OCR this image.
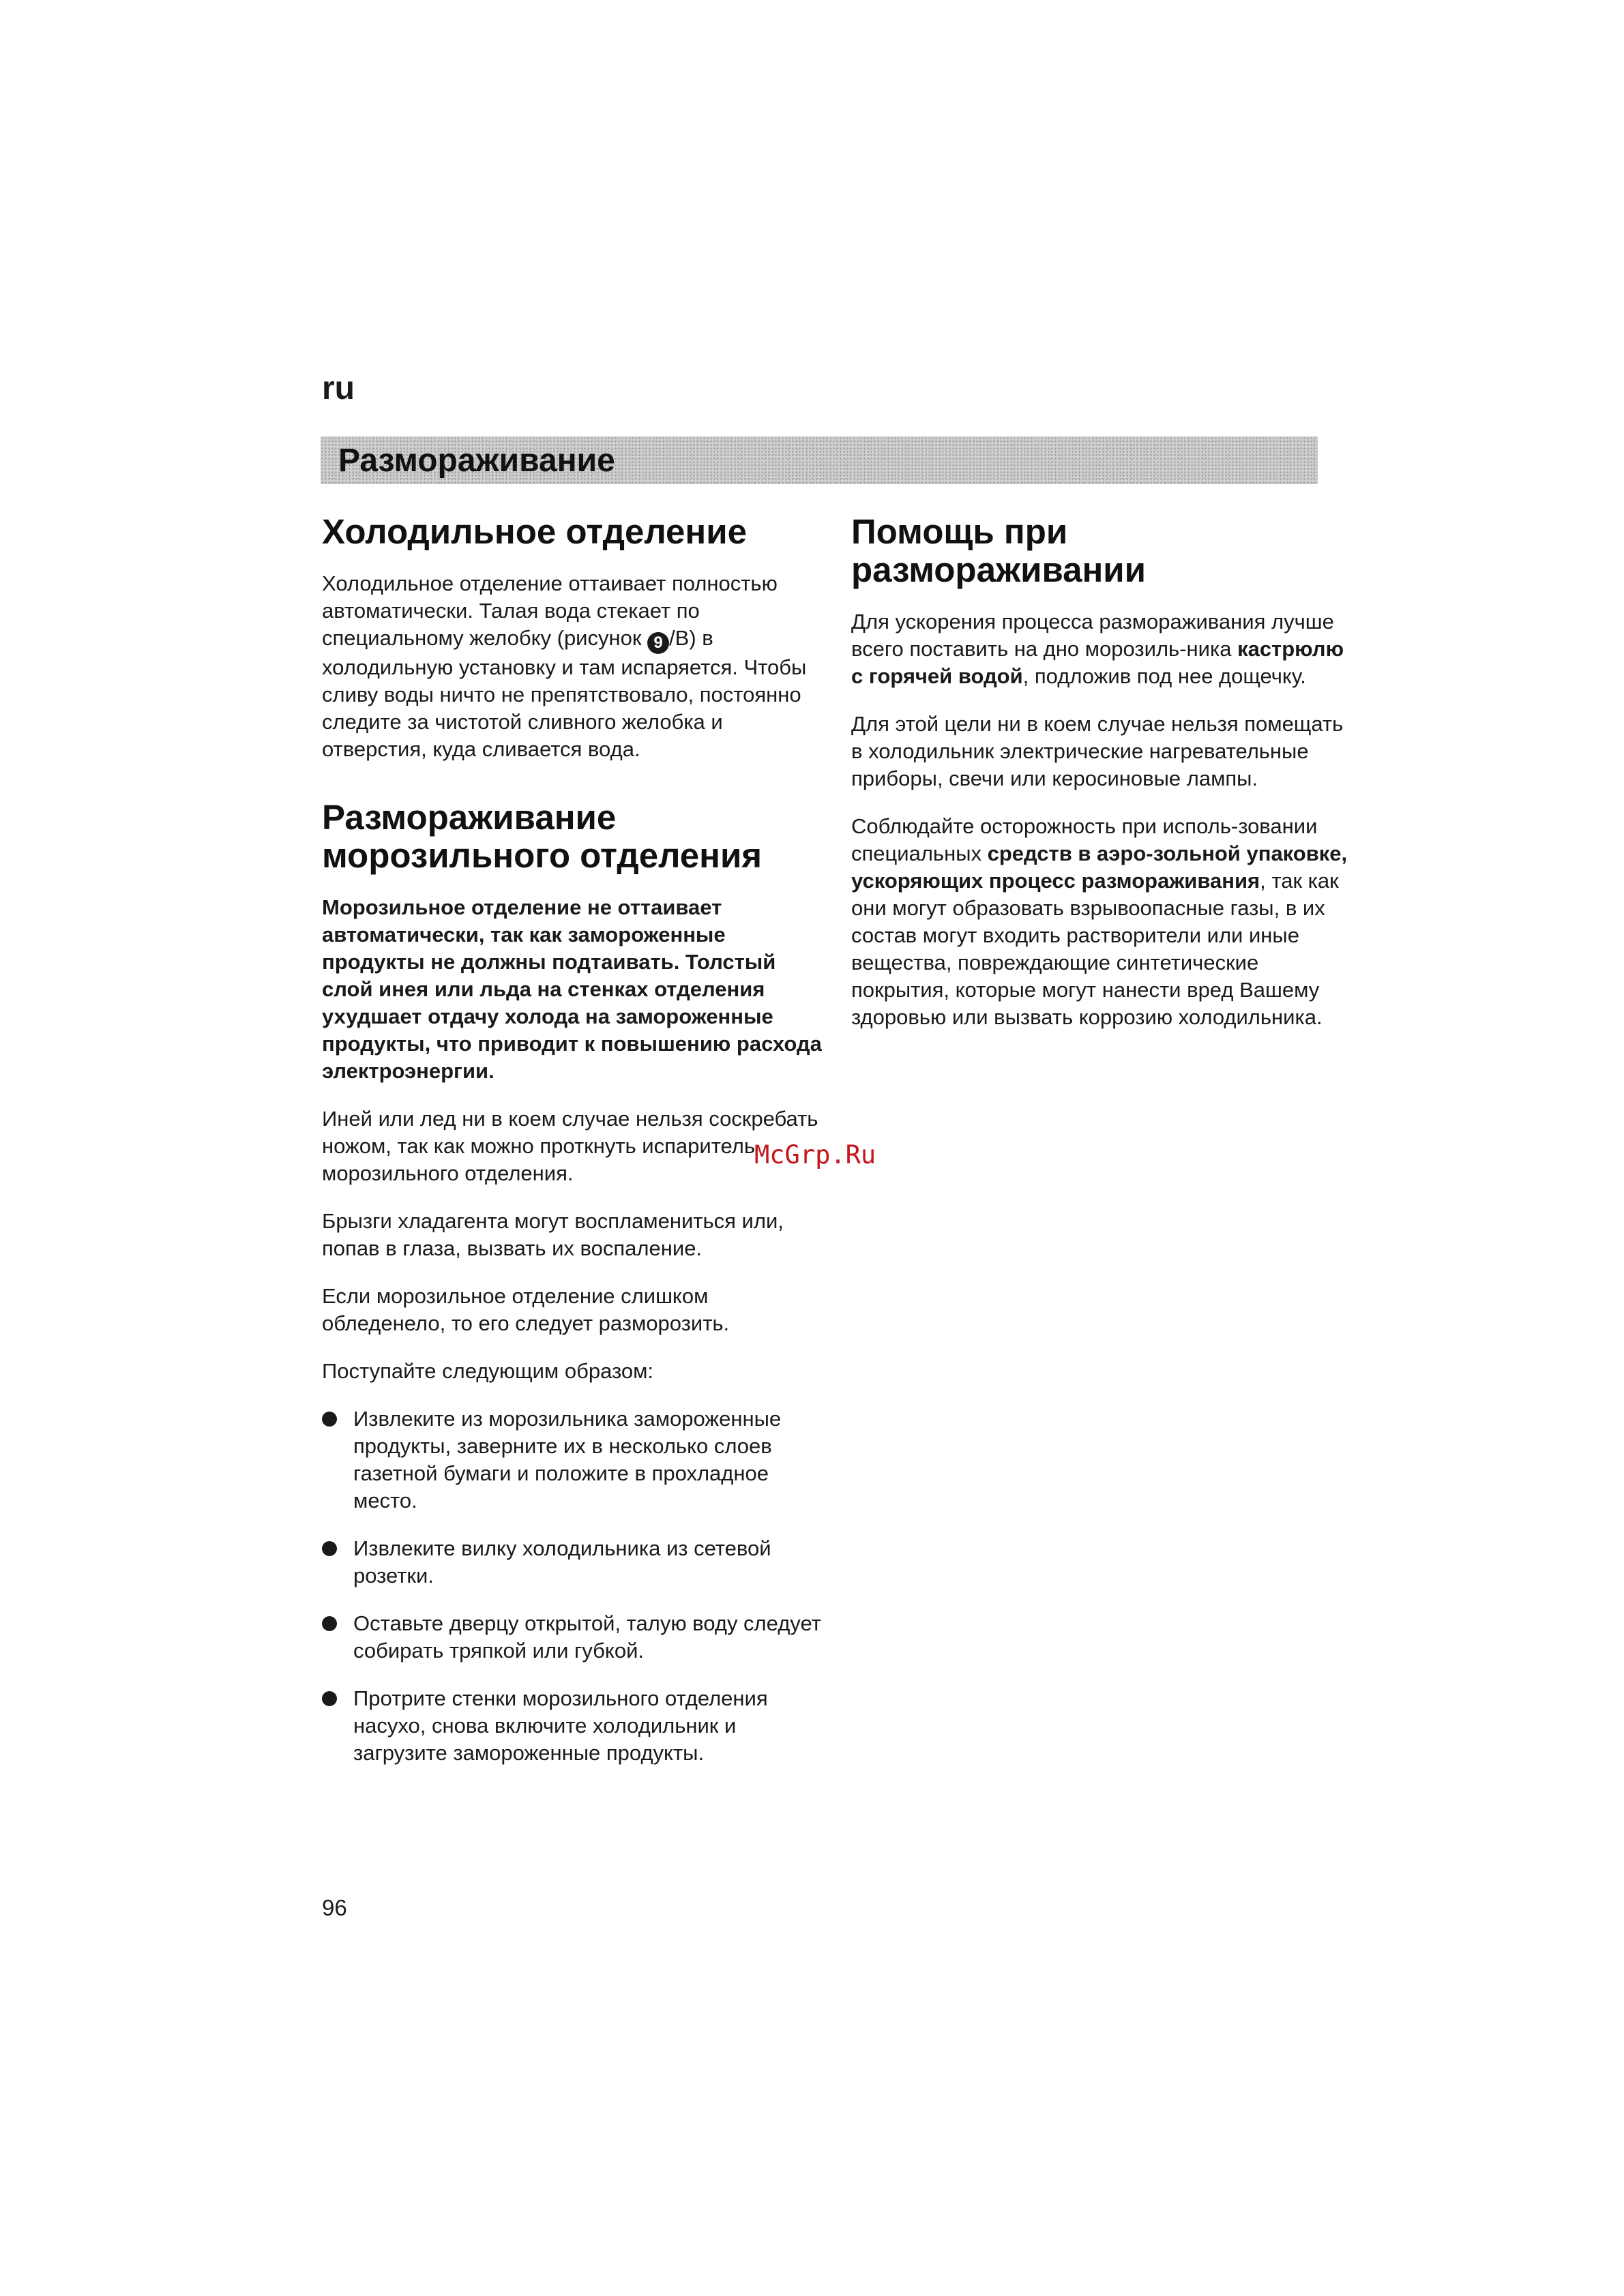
ru
Размораживание
Холодильное отделение

Холодильное отделение оттаивает полностью автоматически. Талая вода стекает по специальному желобку (рисунок 9 /B) в холодильную установку и там испаряется. Чтобы сливу воды ничто не препятствовало, постоянно следите за чистотой сливного желобка и отверстия, куда сливается вода.

Размораживание морозильного отделения

Морозильное отделение не оттаивает автоматически, так как замороженные продукты не должны подтаивать. Толстый слой инея или льда на стенках отделения ухудшает отдачу холода на замороженные продукты, что приводит к повышению расхода электроэнергии.

Иней или лед ни в коем случае нельзя соскребать ножом, так как можно проткнуть испаритель морозильного отделения.

Брызги хладагента могут воспламениться или, попав в глаза, вызвать их воспаление.

Если морозильное отделение слишком обледенело, то его следует разморозить.

Поступайте следующим образом:

Извлеките из морозильника замороженные продукты, заверните их в несколько слоев газетной бумаги и положите в прохладное место.
Извлеките вилку холодильника из сетевой розетки.
Оставьте дверцу открытой, талую воду следует собирать тряпкой или губкой.
Протрите стенки морозильного отделения насухо, снова включите холодильник и загрузите замороженные продукты.
Помощь при размораживании

Для ускорения процесса размораживания лучше всего поставить на дно морозиль-ника кастрюлю с горячей водой, подложив под нее дощечку.

Для этой цели ни в коем случае нельзя помещать в холодильник электрические нагревательные приборы, свечи или керосиновые лампы.

Соблюдайте осторожность при исполь-зовании специальных средств в аэро-зольной упаковке, ускоряющих процесс размораживания, так как они могут образовать взрывоопасные газы, в их состав могут входить растворители или иные вещества, повреждающие синтетические покрытия, которые могут нанести вред Вашему здоровью или вызвать коррозию холодильника.

McGrp.Ru
96
